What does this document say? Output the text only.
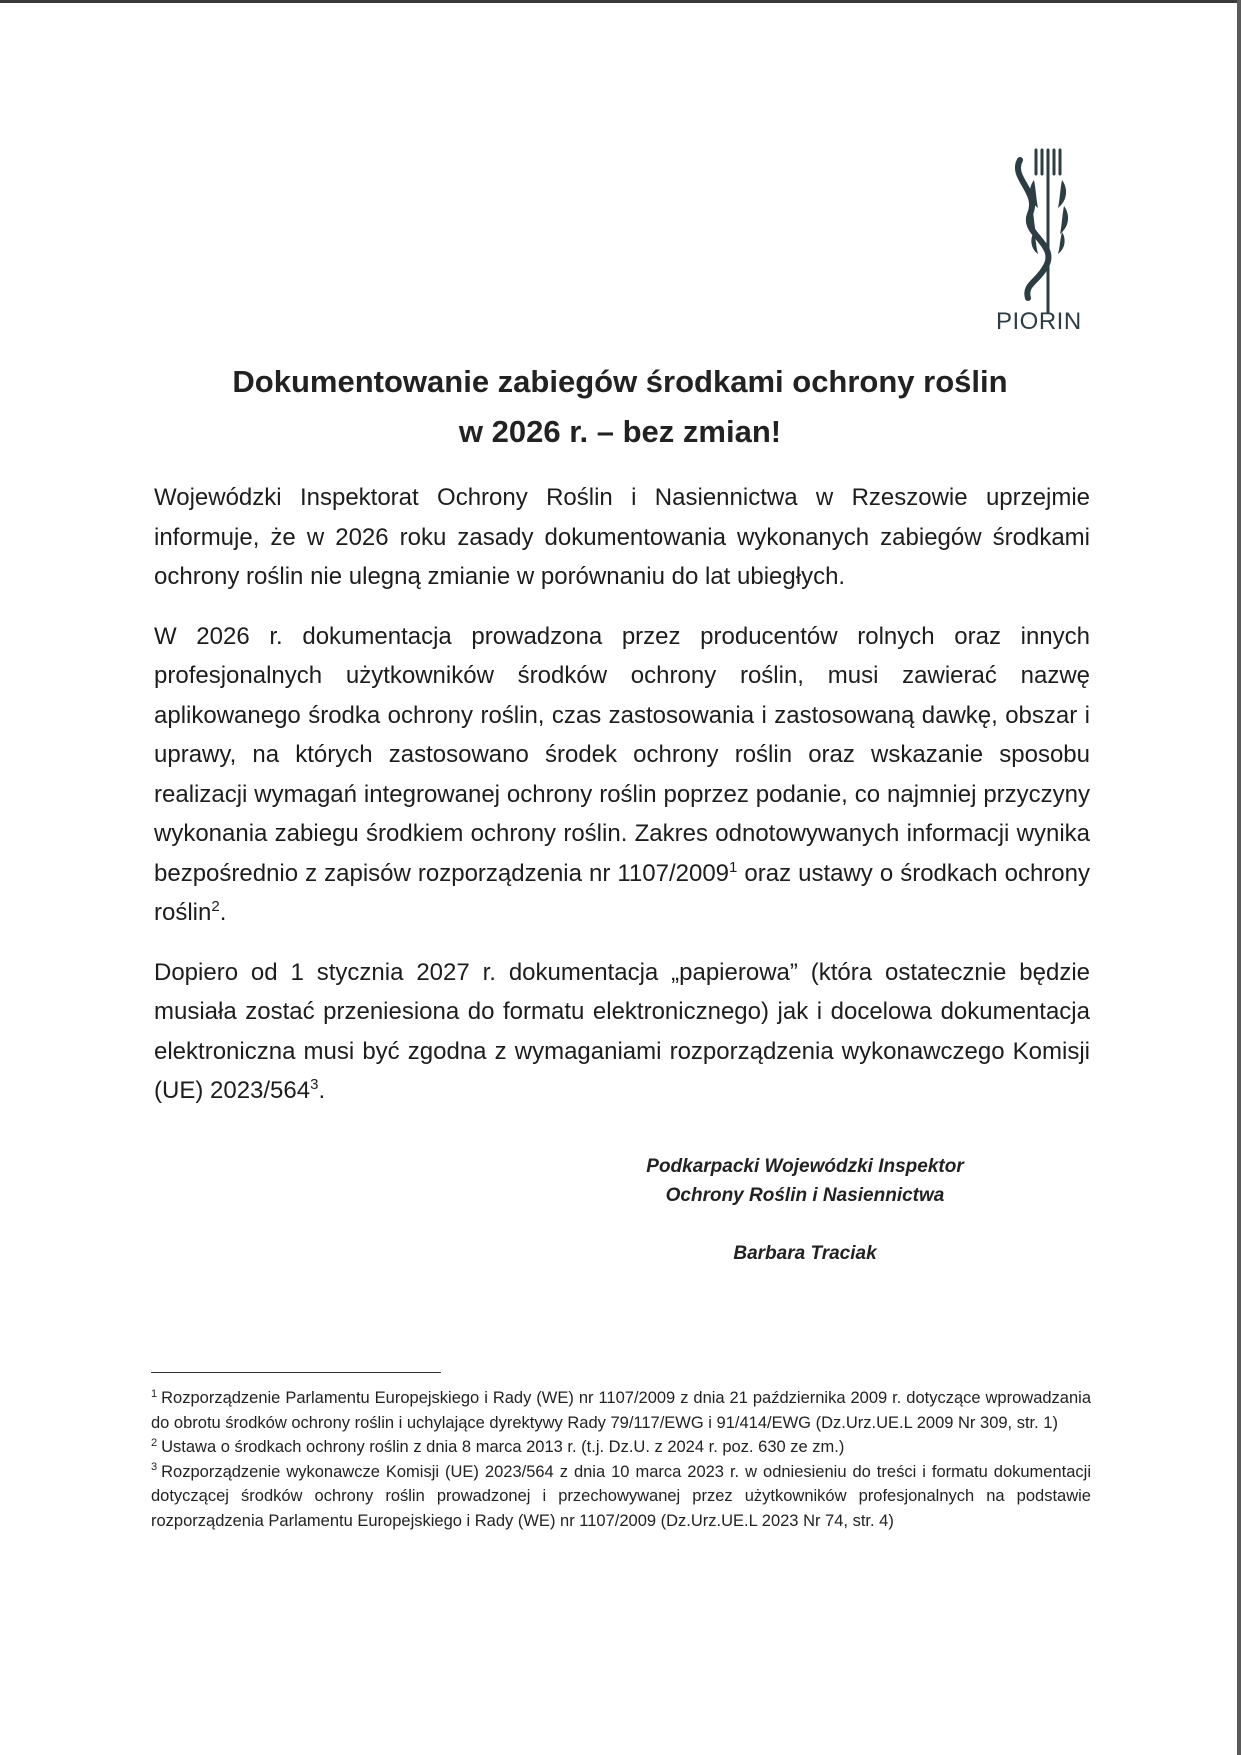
PIORIN
Dokumentowanie zabiegów środkami ochrony roślin
w 2026 r. – bez zmian!

Wojewódzki Inspektorat Ochrony Roślin i Nasiennictwa w Rzeszowie uprzejmie informuje, że w 2026 roku zasady dokumentowania wykonanych zabiegów środkami ochrony roślin nie ulegną zmianie w porównaniu do lat ubiegłych.

W 2026 r. dokumentacja prowadzona przez producentów rolnych oraz innych profesjonalnych użytkowników środków ochrony roślin, musi zawierać nazwę aplikowanego środka ochrony roślin, czas zastosowania i zastosowaną dawkę, obszar i uprawy, na których zastosowano środek ochrony roślin oraz wskazanie sposobu realizacji wymagań integrowanej ochrony roślin poprzez podanie, co najmniej przyczyny wykonania zabiegu środkiem ochrony roślin. Zakres odnotowywanych informacji wynika bezpośrednio z zapisów rozporządzenia nr 1107/2009$^1$ oraz ustawy o środkach ochrony roślin$^2$.

Dopiero od 1 stycznia 2027 r. dokumentacja „papierowa” (która ostatecznie będzie musiała zostać przeniesiona do formatu elektronicznego) jak i docelowa dokumentacja elektroniczna musi być zgodna z wymaganiami rozporządzenia wykonawczego Komisji (UE) $2023/564^3$.

Podkarpacki Wojewódzki Inspektor
Ochrony Roślin i Nasiennictwa
Barbara Traciak

$^1$ Rozporządzenie Parlamentu Europejskiego i Rady (WE) nr 1107/2009 z dnia 21 października 2009 r. dotyczące wprowadzania do obrotu środków ochrony roślin i uchylające dyrektywy Rady 79/117/EWG i 91/414/EWG (Dz.Urz.UE.L 2009 Nr 309, str. 1)

$^2$ Ustawa o środkach ochrony roślin z dnia 8 marca 2013 r. (t.j. Dz.U. z 2024 r. poz. 630 ze zm.)

$^3$ Rozporządzenie wykonawcze Komisji (UE) 2023/564 z dnia 10 marca 2023 r. w odniesieniu do treści i formatu dokumentacji dotyczącej środków ochrony roślin prowadzonej i przechowywanej przez użytkowników profesjonalnych na podstawie rozporządzenia Parlamentu Europejskiego i Rady (WE) nr 1107/2009 (Dz.Urz.UE.L 2023 Nr 74, str. 4)
